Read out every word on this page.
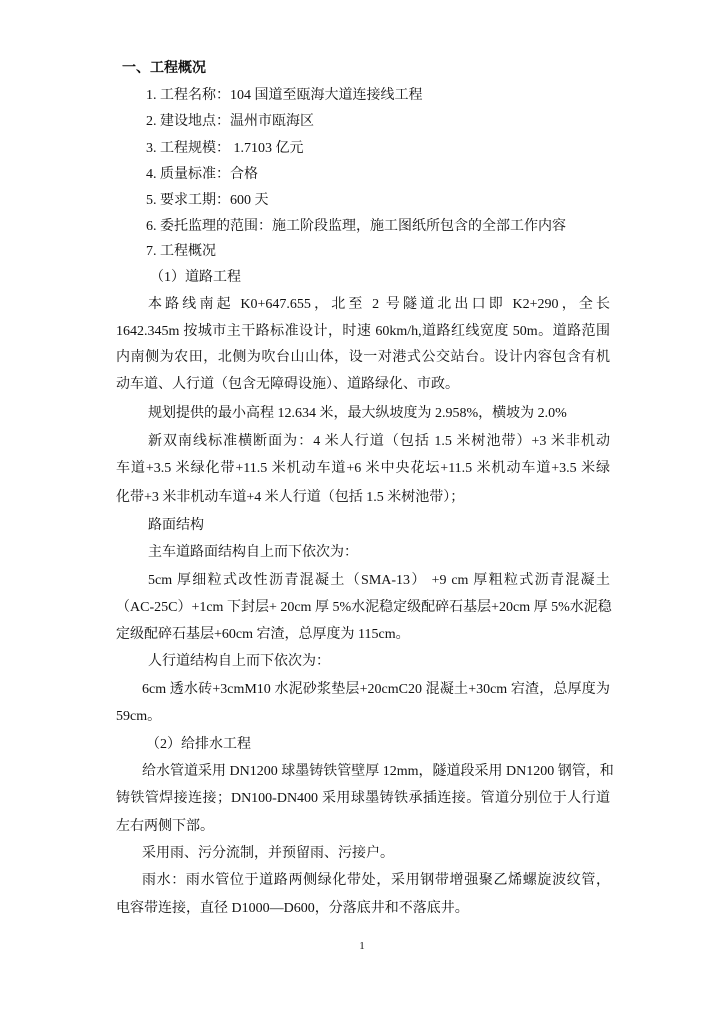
一、工程概况
1. 工程名称：104 国道至瓯海大道连接线工程
2. 建设地点：温州市瓯海区
3. 工程规模： 1.7103 亿元
4. 质量标准：合格
5. 要求工期：600 天
6. 委托监理的范围：施工阶段监理，施工图纸所包含的全部工作内容
7. 工程概况
（1）道路工程
本路线南起 K0+647.655，北至 2 号隧道北出口即 K2+290，全长
1642.345m 按城市主干路标准设计，时速 60km/h,道路红线宽度 50m。道路范围
内南侧为农田，北侧为吹台山山体，设一对港式公交站台。设计内容包含有机
动车道、人行道（包含无障碍设施）、道路绿化、市政。
规划提供的最小高程 12.634 米，最大纵坡度为 2.958%，横坡为 2.0%
新双南线标准横断面为：4 米人行道（包括 1.5 米树池带）+3 米非机动
车道+3.5 米绿化带+11.5 米机动车道+6 米中央花坛+11.5 米机动车道+3.5 米绿
化带+3 米非机动车道+4 米人行道（包括 1.5 米树池带）；
路面结构
主车道路面结构自上而下依次为：
5cm 厚细粒式改性沥青混凝土（SMA-13） +9 cm 厚粗粒式沥青混凝土
（AC-25C）+1cm 下封层+ 20cm 厚 5%水泥稳定级配碎石基层+20cm 厚 5%水泥稳
定级配碎石基层+60cm 宕渣，总厚度为 115cm。
人行道结构自上而下依次为：
6cm 透水砖+3cmM10 水泥砂浆垫层+20cmC20 混凝土+30cm 宕渣，总厚度为
59cm。
（2）给排水工程
给水管道采用 DN1200 球墨铸铁管壁厚 12mm，隧道段采用 DN1200 钢管，和
铸铁管焊接连接；DN100-DN400 采用球墨铸铁承插连接。管道分别位于人行道
左右两侧下部。
采用雨、污分流制，并预留雨、污接户。
雨水：雨水管位于道路两侧绿化带处，采用钢带增强聚乙烯螺旋波纹管，
电容带连接，直径 D1000—D600，分落底井和不落底井。
1
